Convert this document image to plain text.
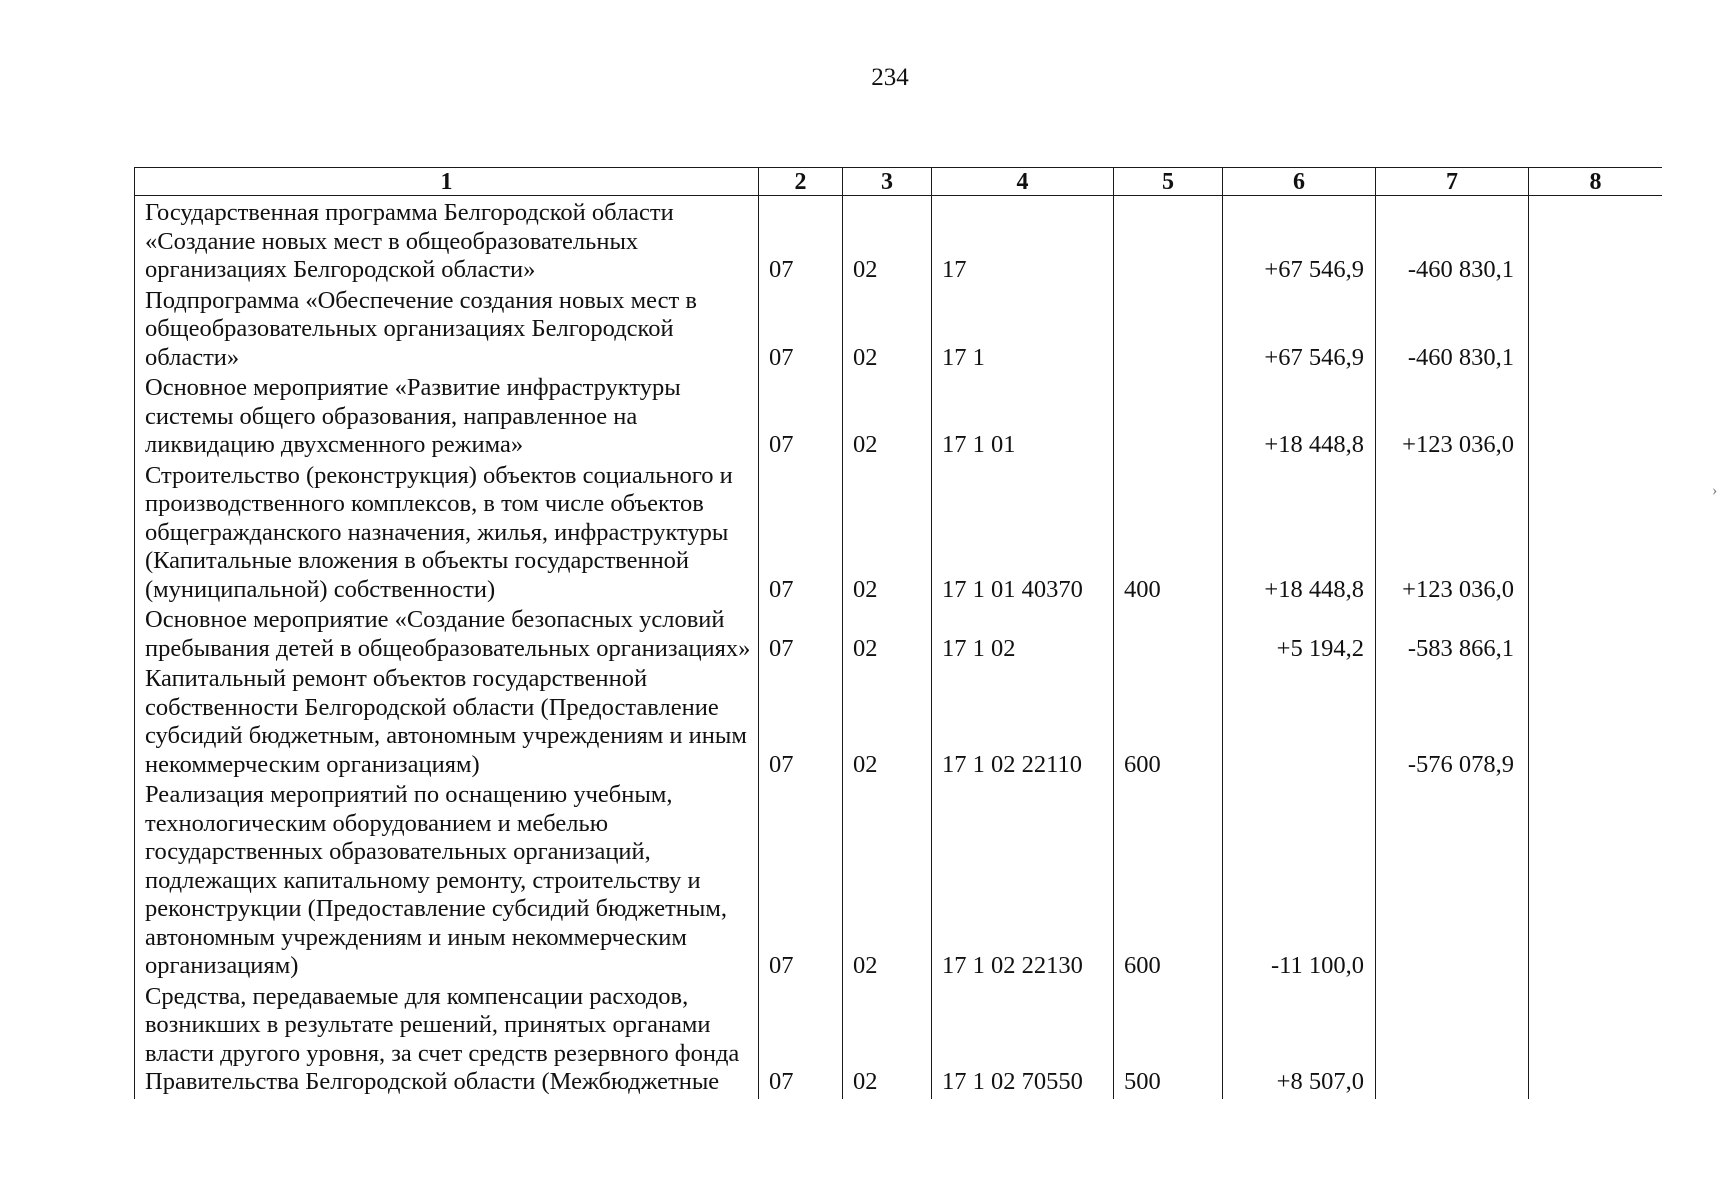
234
1	2	3	4	5	6	7	8
Государственная программа Белгородской области «Создание новых мест в общеобразовательных организациях Белгородской области»	07	02	17		+67 546,9	-460 830,1	
Подпрограмма «Обеспечение создания новых мест в общеобразовательных организациях Белгородской области»	07	02	17 1		+67 546,9	-460 830,1	
Основное мероприятие «Развитие инфраструктуры системы общего образования, направленное на ликвидацию двухсменного режима»	07	02	17 1 01		+18 448,8	+123 036,0	
Строительство (реконструкция) объектов социального и производственного комплексов, в том числе объектов общегражданского назначения, жилья, инфраструктуры (Капитальные вложения в объекты государственной (муниципальной) собственности)	07	02	17 1 01 40370	400	+18 448,8	+123 036,0	
Основное мероприятие «Создание безопасных условий пребывания детей в общеобразовательных организациях»	07	02	17 1 02		+5 194,2	-583 866,1	
Капитальный ремонт объектов государственной собственности Белгородской области (Предоставление субсидий бюджетным, автономным учреждениям и иным некоммерческим организациям)	07	02	17 1 02 22110	600		-576 078,9	
Реализация мероприятий по оснащению учебным, технологическим оборудованием и мебелью государственных образовательных организаций, подлежащих капитальному ремонту, строительству и реконструкции (Предоставление субсидий бюджетным, автономным учреждениям и иным некоммерческим организациям)	07	02	17 1 02 22130	600	-11 100,0		
Средства, передаваемые для компенсации расходов, возникших в результате решений, принятых органами власти другого уровня, за счет средств резервного фонда Правительства Белгородской области (Межбюджетные	07	02	17 1 02 70550	500	+8 507,0		
›
